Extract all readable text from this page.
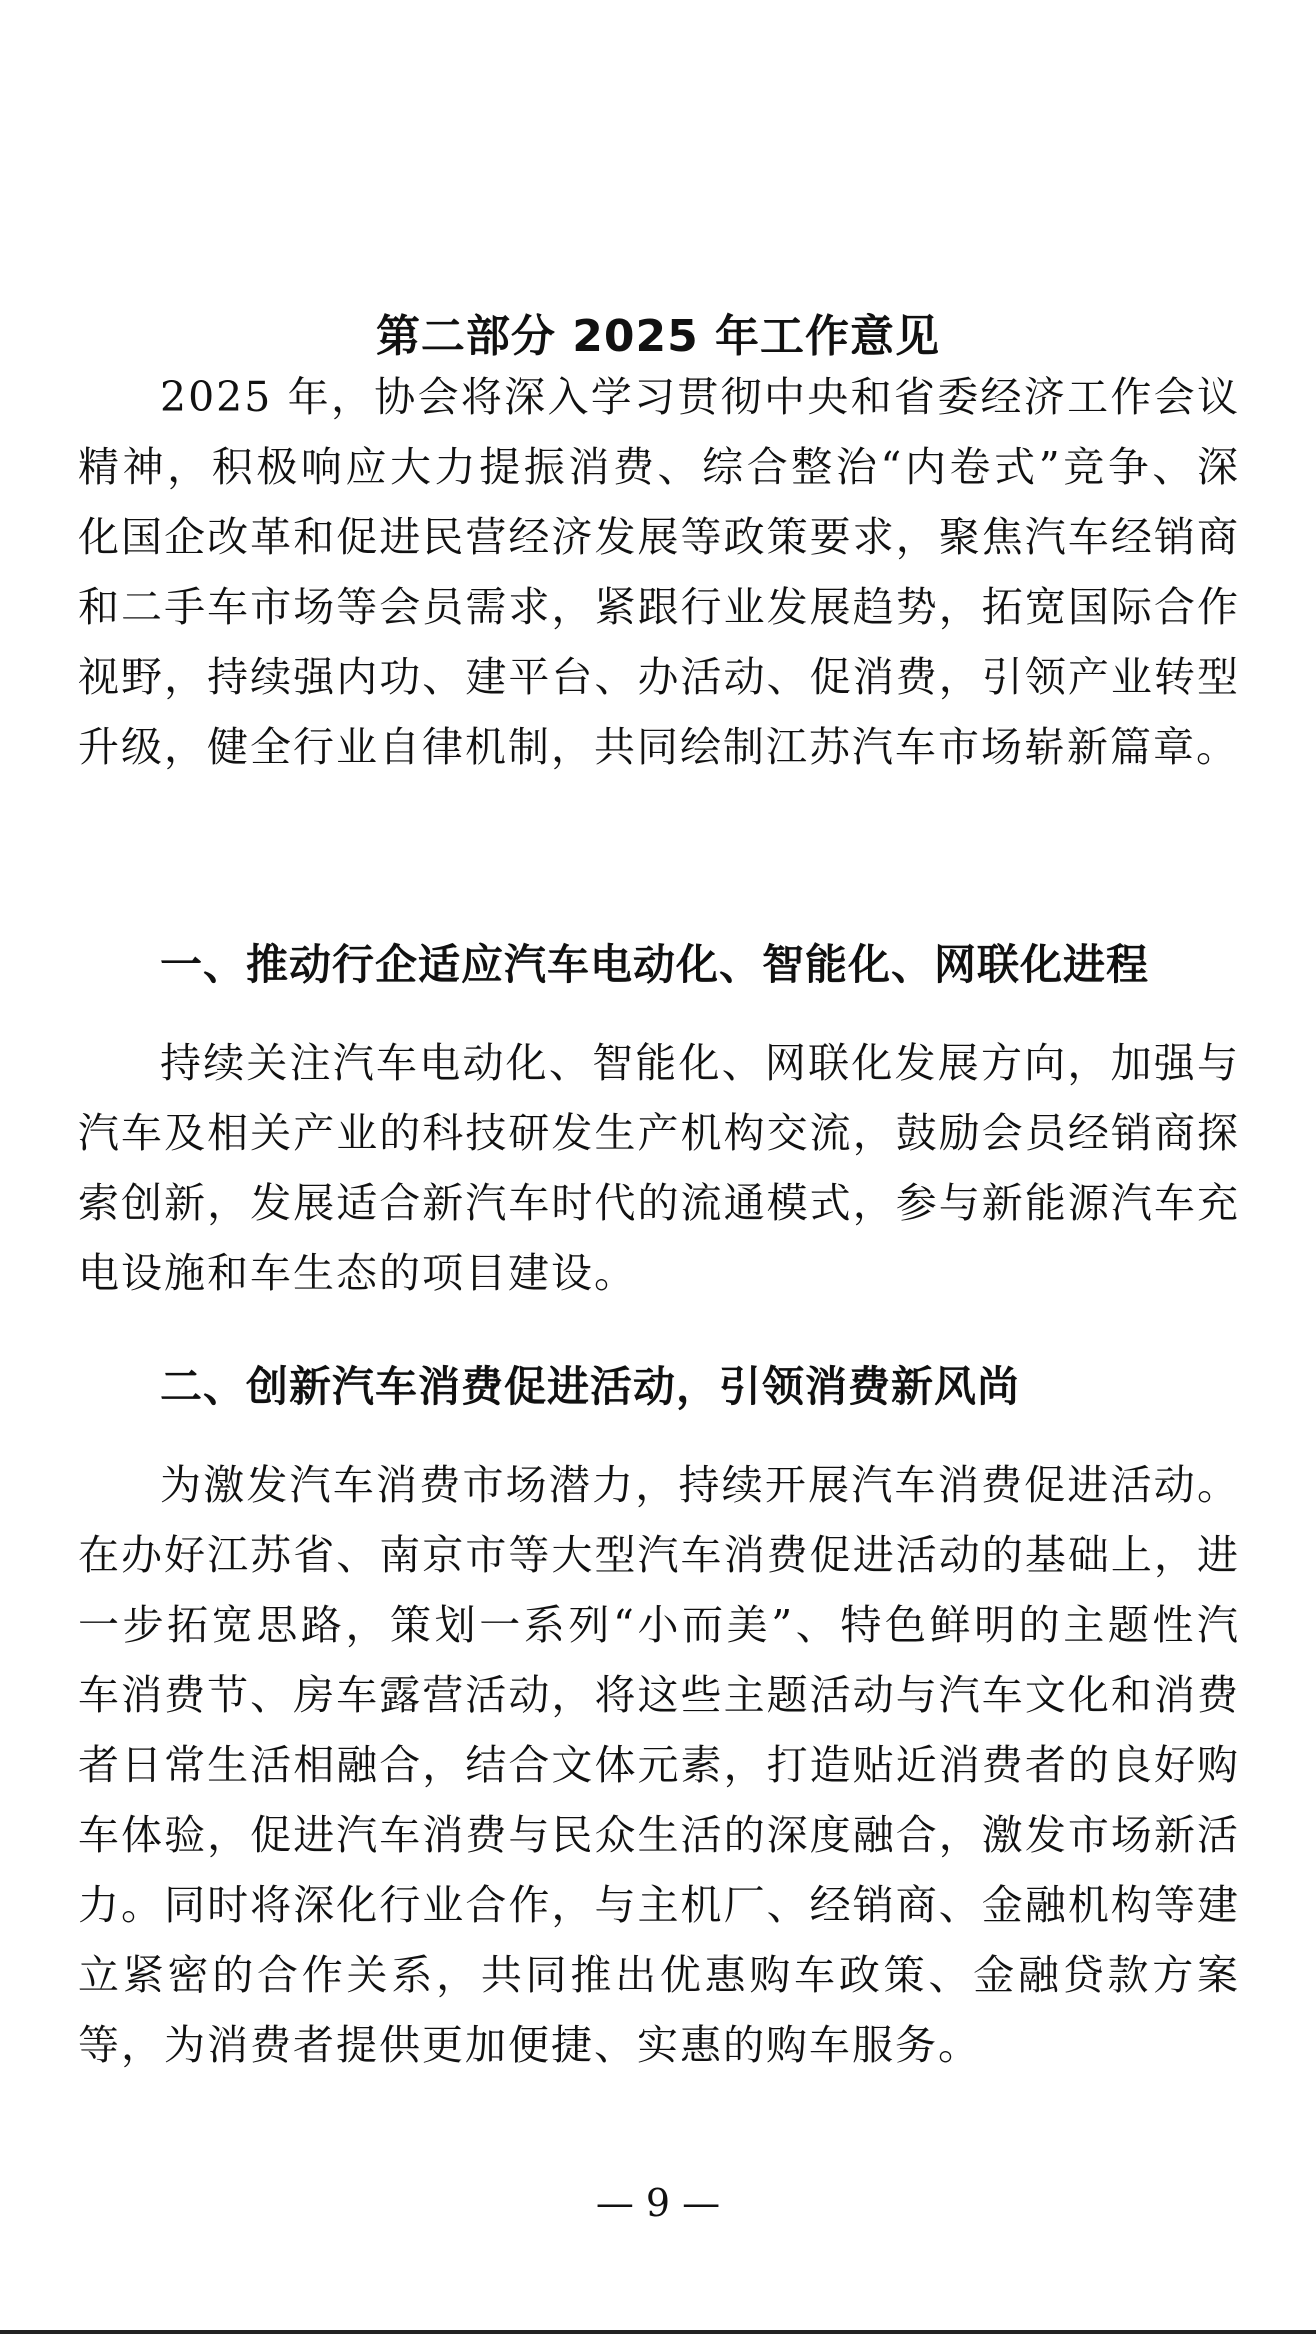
第二部分 2025 年工作意见

2025 年，协会将深入学习贯彻中央和省委经济工作会议精神，积极响应大力提振消费、综合整治“内卷式”竞争、深化国企改革和促进民营经济发展等政策要求，聚焦汽车经销商和二手车市场等会员需求，紧跟行业发展趋势，拓宽国际合作视野，持续强内功、建平台、办活动、促消费，引领产业转型升级，健全行业自律机制，共同绘制江苏汽车市场崭新篇章。

一、推动行企适应汽车电动化、智能化、网联化进程

持续关注汽车电动化、智能化、网联化发展方向，加强与汽车及相关产业的科技研发生产机构交流，鼓励会员经销商探索创新，发展适合新汽车时代的流通模式，参与新能源汽车充电设施和车生态的项目建设。

二、创新汽车消费促进活动，引领消费新风尚

为激发汽车消费市场潜力，持续开展汽车消费促进活动。在办好江苏省、南京市等大型汽车消费促进活动的基础上，进一步拓宽思路，策划一系列“小而美”、特色鲜明的主题性汽车消费节、房车露营活动，将这些主题活动与汽车文化和消费者日常生活相融合，结合文体元素，打造贴近消费者的良好购车体验，促进汽车消费与民众生活的深度融合，激发市场新活力。同时将深化行业合作，与主机厂、经销商、金融机构等建立紧密的合作关系，共同推出优惠购车政策、金融贷款方案等，为消费者提供更加便捷、实惠的购车服务。

— 9 —
